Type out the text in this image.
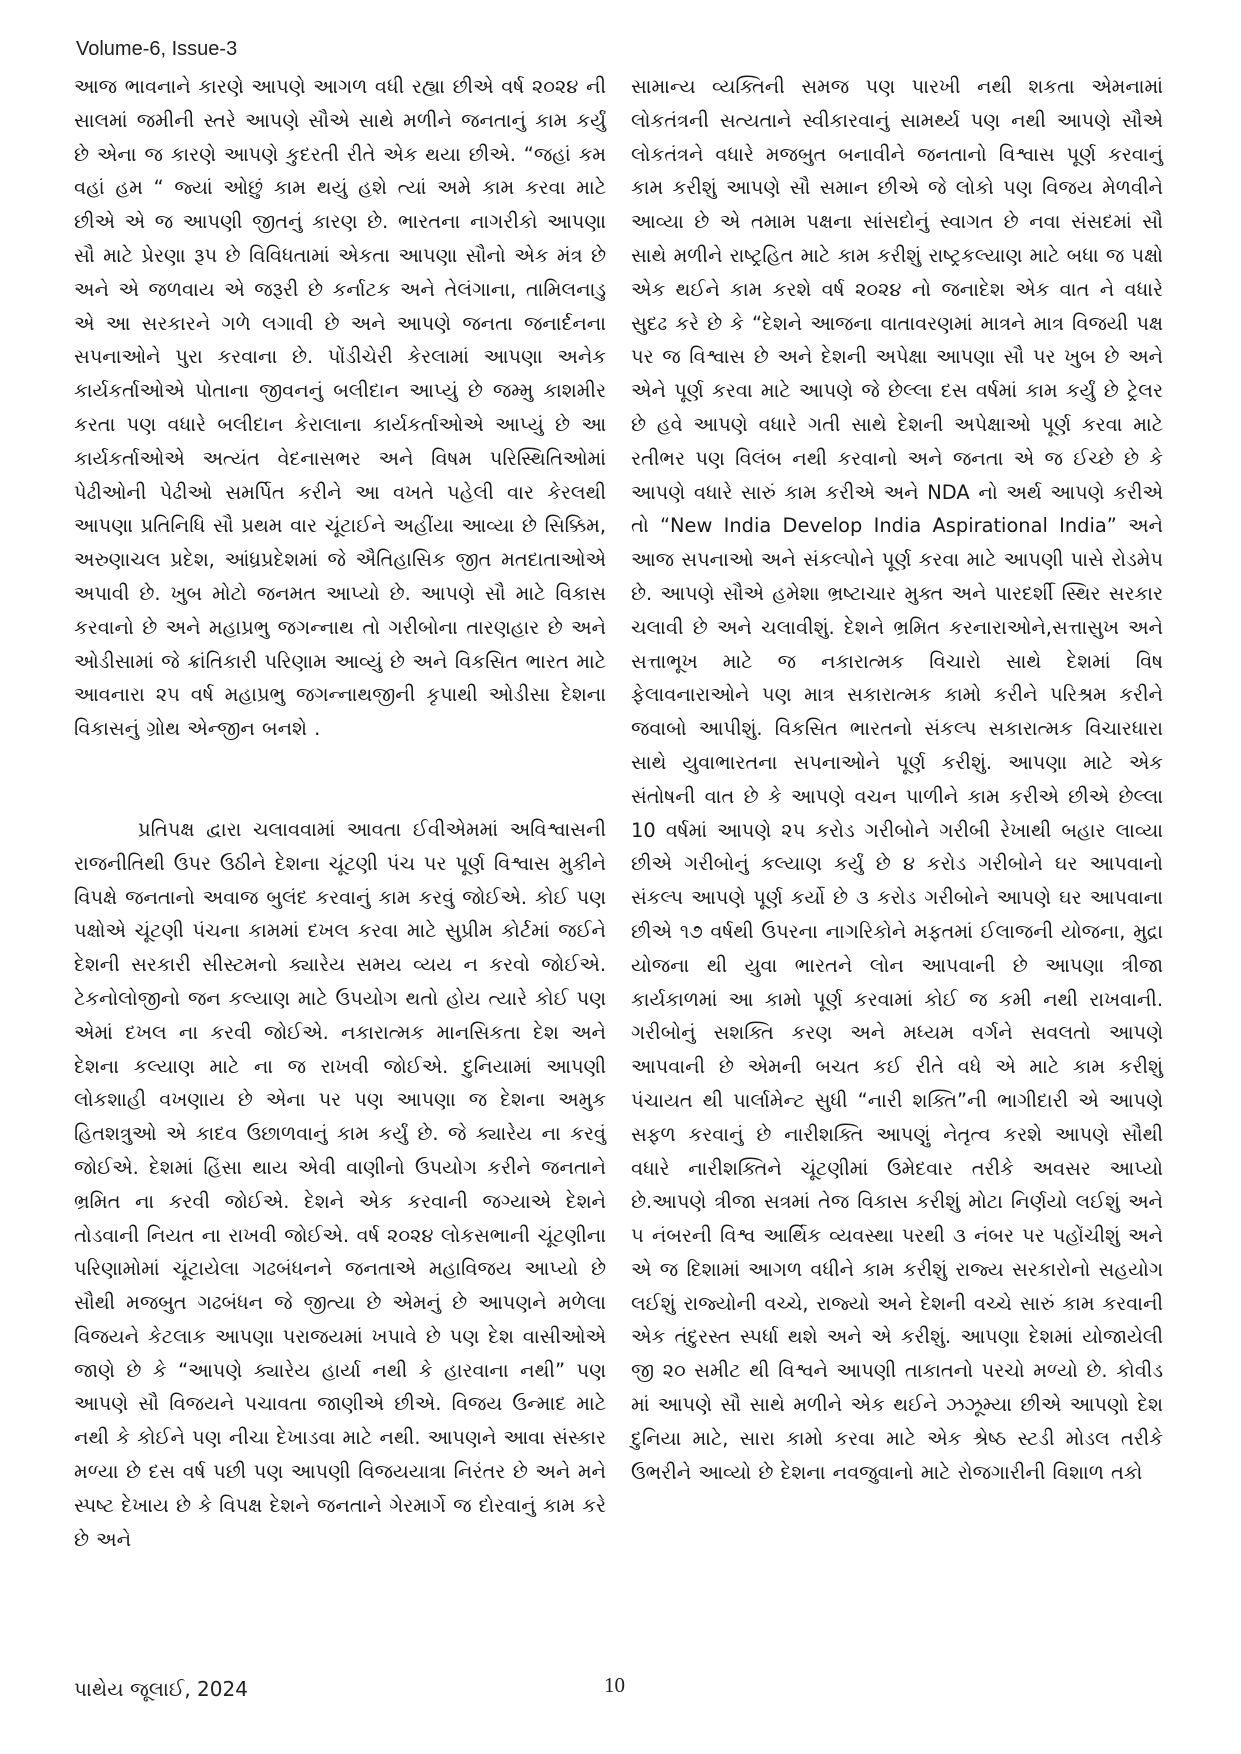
Volume-6, Issue-3

આજ ભાવનાને કારણે આપણે આગળ વધી રહ્યા છીએ વર્ષ ૨૦૨૪ ની સાલમાં જમીની સ્તરે આપણે સૌએ સાથે મળીને જનતાનું કામ કર્યું છે એના જ કારણે આપણે કુદરતી રીતે એક થયા છીએ. “જહાં કમ વહાં હમ “ જ્યાં ઓછું કામ થયું હશે ત્યાં અમે કામ કરવા માટે છીએ એ જ આપણી જીતનું કારણ છે. ભારતના નાગરીકો આપણા સૌ માટે પ્રેરણા રૂપ છે વિવિધતામાં એકતા આપણા સૌનો એક મંત્ર છે અને એ જળવાય એ જરૂરી છે કર્નાટક અને તેલંગાના, તામિલનાડુ એ આ સરકારને ગળે લગાવી છે અને આપણે જનતા જનાર્દનના સપનાઓને પુરા કરવાના છે. પોંડીચેરી કેરલામાં આપણા અનેક કાર્યકર્તાઓએ પોતાના જીવનનું બલીદાન આપ્યું છે જમ્મુ કાશમીર કરતા પણ વધારે બલીદાન કેરાલાના કાર્યકર્તાઓએ આપ્યું છે આ કાર્યકર્તાઓએ અત્યંત વેદનાસભર અને વિષમ પરિસ્થિતિઓમાં પેઢીઓની પેઢીઓ સમર્પિત કરીને આ વખતે પહેલી વાર કેરલથી આપણા પ્રતિનિધિ સૌ પ્રથમ વાર ચૂંટાઈને અહીંયા આવ્યા છે સિક્કિમ, અરુણાચલ પ્રદેશ, આંધ્રપ્રદેશમાં જે ઐતિહાસિક જીત મતદાતાઓએ અપાવી છે. ખુબ મોટો જનમત આપ્યો છે. આપણે સૌ માટે વિકાસ કરવાનો છે અને મહાપ્રભુ જગન્નાથ તો ગરીબોના તારણહાર છે અને ઓડીસામાં જે ક્રાંતિકારી પરિણામ આવ્યું છે અને વિકસિત ભારત માટે આવનારા ૨૫ વર્ષ મહાપ્રભુ જગન્નાથજીની કૃપાથી ઓડીસા દેશના વિકાસનું ગ્રોથ એન્જીન બનશે .

પ્રતિપક્ષ દ્વારા ચલાવવામાં આવતા ઈવીએમમાં અવિશ્વાસની રાજનીતિથી ઉપર ઉઠીને દેશના ચૂંટણી પંચ પર પૂર્ણ વિશ્વાસ મુકીને વિપક્ષે જનતાનો અવાજ બુલંદ કરવાનું કામ કરવું જોઈએ. કોઈ પણ પક્ષોએ ચૂંટણી પંચના કામમાં દખલ કરવા માટે સુપ્રીમ કોર્ટમાં જઈને દેશની સરકારી સીસ્ટમનો ક્યારેય સમય વ્યય ન કરવો જોઈએ. ટેકનોલોજીનો જન કલ્યાણ માટે ઉપયોગ થતો હોય ત્યારે કોઈ પણ એમાં દખલ ના કરવી જોઈએ. નકારાત્મક માનસિકતા દેશ અને દેશના કલ્યાણ માટે ના જ રાખવી જોઈએ. દુનિયામાં આપણી લોકશાહી વખણાય છે એના પર પણ આપણા જ દેશના અમુક હિતશત્રુઓ એ કાદવ ઉછાળવાનું કામ કર્યું છે. જે ક્યારેય ના કરવું જોઈએ. દેશમાં હિંસા થાય એવી વાણીનો ઉપયોગ કરીને જનતાને ભ્રમિત ના કરવી જોઈએ. દેશને એક કરવાની જગ્યાએ દેશને તોડવાની નિયત ના રાખવી જોઈએ. વર્ષ ૨૦૨૪ લોકસભાની ચૂંટણીના પરિણામોમાં ચૂંટાયેલા ગઢબંધનને જનતાએ મહાવિજય આપ્યો છે સૌથી મજબુત ગઢબંધન જે જીત્યા છે એમનું છે આપણને મળેલા વિજયને કેટલાક આપણા પરાજયમાં ખપાવે છે પણ દેશ વાસીઓએ જાણે છે કે “આપણે ક્યારેય હાર્યા નથી કે હારવાના નથી” પણ આપણે સૌ વિજયને પચાવતા જાણીએ છીએ. વિજય ઉન્માદ માટે નથી કે કોઈને પણ નીચા દેખાડવા માટે નથી. આપણને આવા સંસ્કાર મળ્યા છે દસ વર્ષ પછી પણ આપણી વિજયયાત્રા નિરંતર છે અને મને સ્પષ્ટ દેખાય છે કે વિપક્ષ દેશને જનતાને ગેરમાર્ગે જ દોરવાનું કામ કરે છે અને

સામાન્ય વ્યક્તિની સમજ પણ પારખી નથી શકતા એમનામાં લોકતંત્રની સત્યતાને સ્વીકારવાનું સામર્થ્ય પણ નથી આપણે સૌએ લોકતંત્રને વધારે મજબુત બનાવીને જનતાનો વિશ્વાસ પૂર્ણ કરવાનું કામ કરીશું આપણે સૌ સમાન છીએ જે લોકો પણ વિજય મેળવીને આવ્યા છે એ તમામ પક્ષના સાંસદોનું સ્વાગત છે નવા સંસદમાં સૌ સાથે મળીને રાષ્ટ્રહિત માટે કામ કરીશું રાષ્ટ્રકલ્યાણ માટે બધા જ પક્ષો એક થઈને કામ કરશે વર્ષ ૨૦૨૪ નો જનાદેશ એક વાત ને વધારે સુદઢ કરે છે કે “દેશને આજના વાતાવરણમાં માત્રને માત્ર વિજયી પક્ષ પર જ વિશ્વાસ છે અને દેશની અપેક્ષા આપણા સૌ પર ખુબ છે અને એને પૂર્ણ કરવા માટે આપણે જે છેલ્લા દસ વર્ષમાં કામ કર્યું છે ટ્રેલર છે હવે આપણે વધારે ગતી સાથે દેશની અપેક્ષાઓ પૂર્ણ કરવા માટે રતીભર પણ વિલંબ નથી કરવાનો અને જનતા એ જ ઈચ્છે છે કે આપણે વધારે સારું કામ કરીએ અને NDA નો અર્થ આપણે કરીએ તો “New India Develop India Aspirational India” અને આજ સપનાઓ અને સંકલ્પોને પૂર્ણ કરવા માટે આપણી પાસે રોડમેપ છે. આપણે સૌએ હમેશા ભ્રષ્ટાચાર મુક્ત અને પારદર્શી સ્થિર સરકાર ચલાવી છે અને ચલાવીશું. દેશને ભ્રમિત કરનારાઓને,સત્તાસુખ અને સત્તાભૂખ માટે જ નકારાત્મક વિચારો સાથે દેશમાં વિષ ફેલાવનારાઓને પણ માત્ર સકારાત્મક કામો કરીને પરિશ્રમ કરીને જવાબો આપીશું. વિકસિત ભારતનો સંકલ્પ સકારાત્મક વિચારધારા સાથે યુવાભારતના સપનાઓને પૂર્ણ કરીશું. આપણા માટે એક સંતોષની વાત છે કે આપણે વચન પાળીને કામ કરીએ છીએ છેલ્લા 10 વર્ષમાં આપણે ૨૫ કરોડ ગરીબોને ગરીબી રેખાથી બહાર લાવ્યા છીએ ગરીબોનું કલ્યાણ કર્યું છે ૪ કરોડ ગરીબોને ઘર આપવાનો સંકલ્પ આપણે પૂર્ણ કર્યો છે ૩ કરોડ ગરીબોને આપણે ઘર આપવાના છીએ ૧૭ વર્ષથી ઉપરના નાગરિકોને મફતમાં ઈલાજની યોજના, મુદ્રા યોજના થી યુવા ભારતને લોન આપવાની છે આપણા ત્રીજા કાર્યકાળમાં આ કામો પૂર્ણ કરવામાં કોઈ જ કમી નથી રાખવાની. ગરીબોનું સશક્તિ કરણ અને મધ્યમ વર્ગને સવલતો આપણે આપવાની છે એમની બચત કઈ રીતે વધે એ માટે કામ કરીશું પંચાયત થી પાર્લામેન્ટ સુધી “નારી શક્તિ”ની ભાગીદારી એ આપણે સફળ કરવાનું છે નારીશક્તિ આપણું નેતૃત્વ કરશે આપણે સૌથી વધારે નારીશક્તિને ચૂંટણીમાં ઉમેદવાર તરીકે અવસર આપ્યો છે.આપણે ત્રીજા સત્રમાં તેજ વિકાસ કરીશું મોટા નિર્ણયો લઈશું અને ૫ નંબરની વિશ્વ આર્થિક વ્યવસ્થા પરથી ૩ નંબર પર પહોંચીશું અને એ જ દિશામાં આગળ વધીને કામ કરીશું રાજ્ય સરકારોનો સહયોગ લઈશું રાજ્યોની વચ્ચે, રાજ્યો અને દેશની વચ્ચે સારું કામ કરવાની એક તંદુરસ્ત સ્પર્ધા થશે અને એ કરીશું. આપણા દેશમાં યોજાયેલી જી ૨૦ સમીટ થી વિશ્વને આપણી તાકાતનો પરચો મળ્યો છે. કોવીડ માં આપણે સૌ સાથે મળીને એક થઈને ઝઝૂમ્યા છીએ આપણો દેશ દુનિયા માટે, સારા કામો કરવા માટે એક શ્રેષ્ઠ સ્ટડી મોડલ તરીકે ઉભરીને આવ્યો છે દેશના નવજુવાનો માટે રોજગારીની વિશાળ તકો

પાથેય જૂલાઈ, 2024	10
